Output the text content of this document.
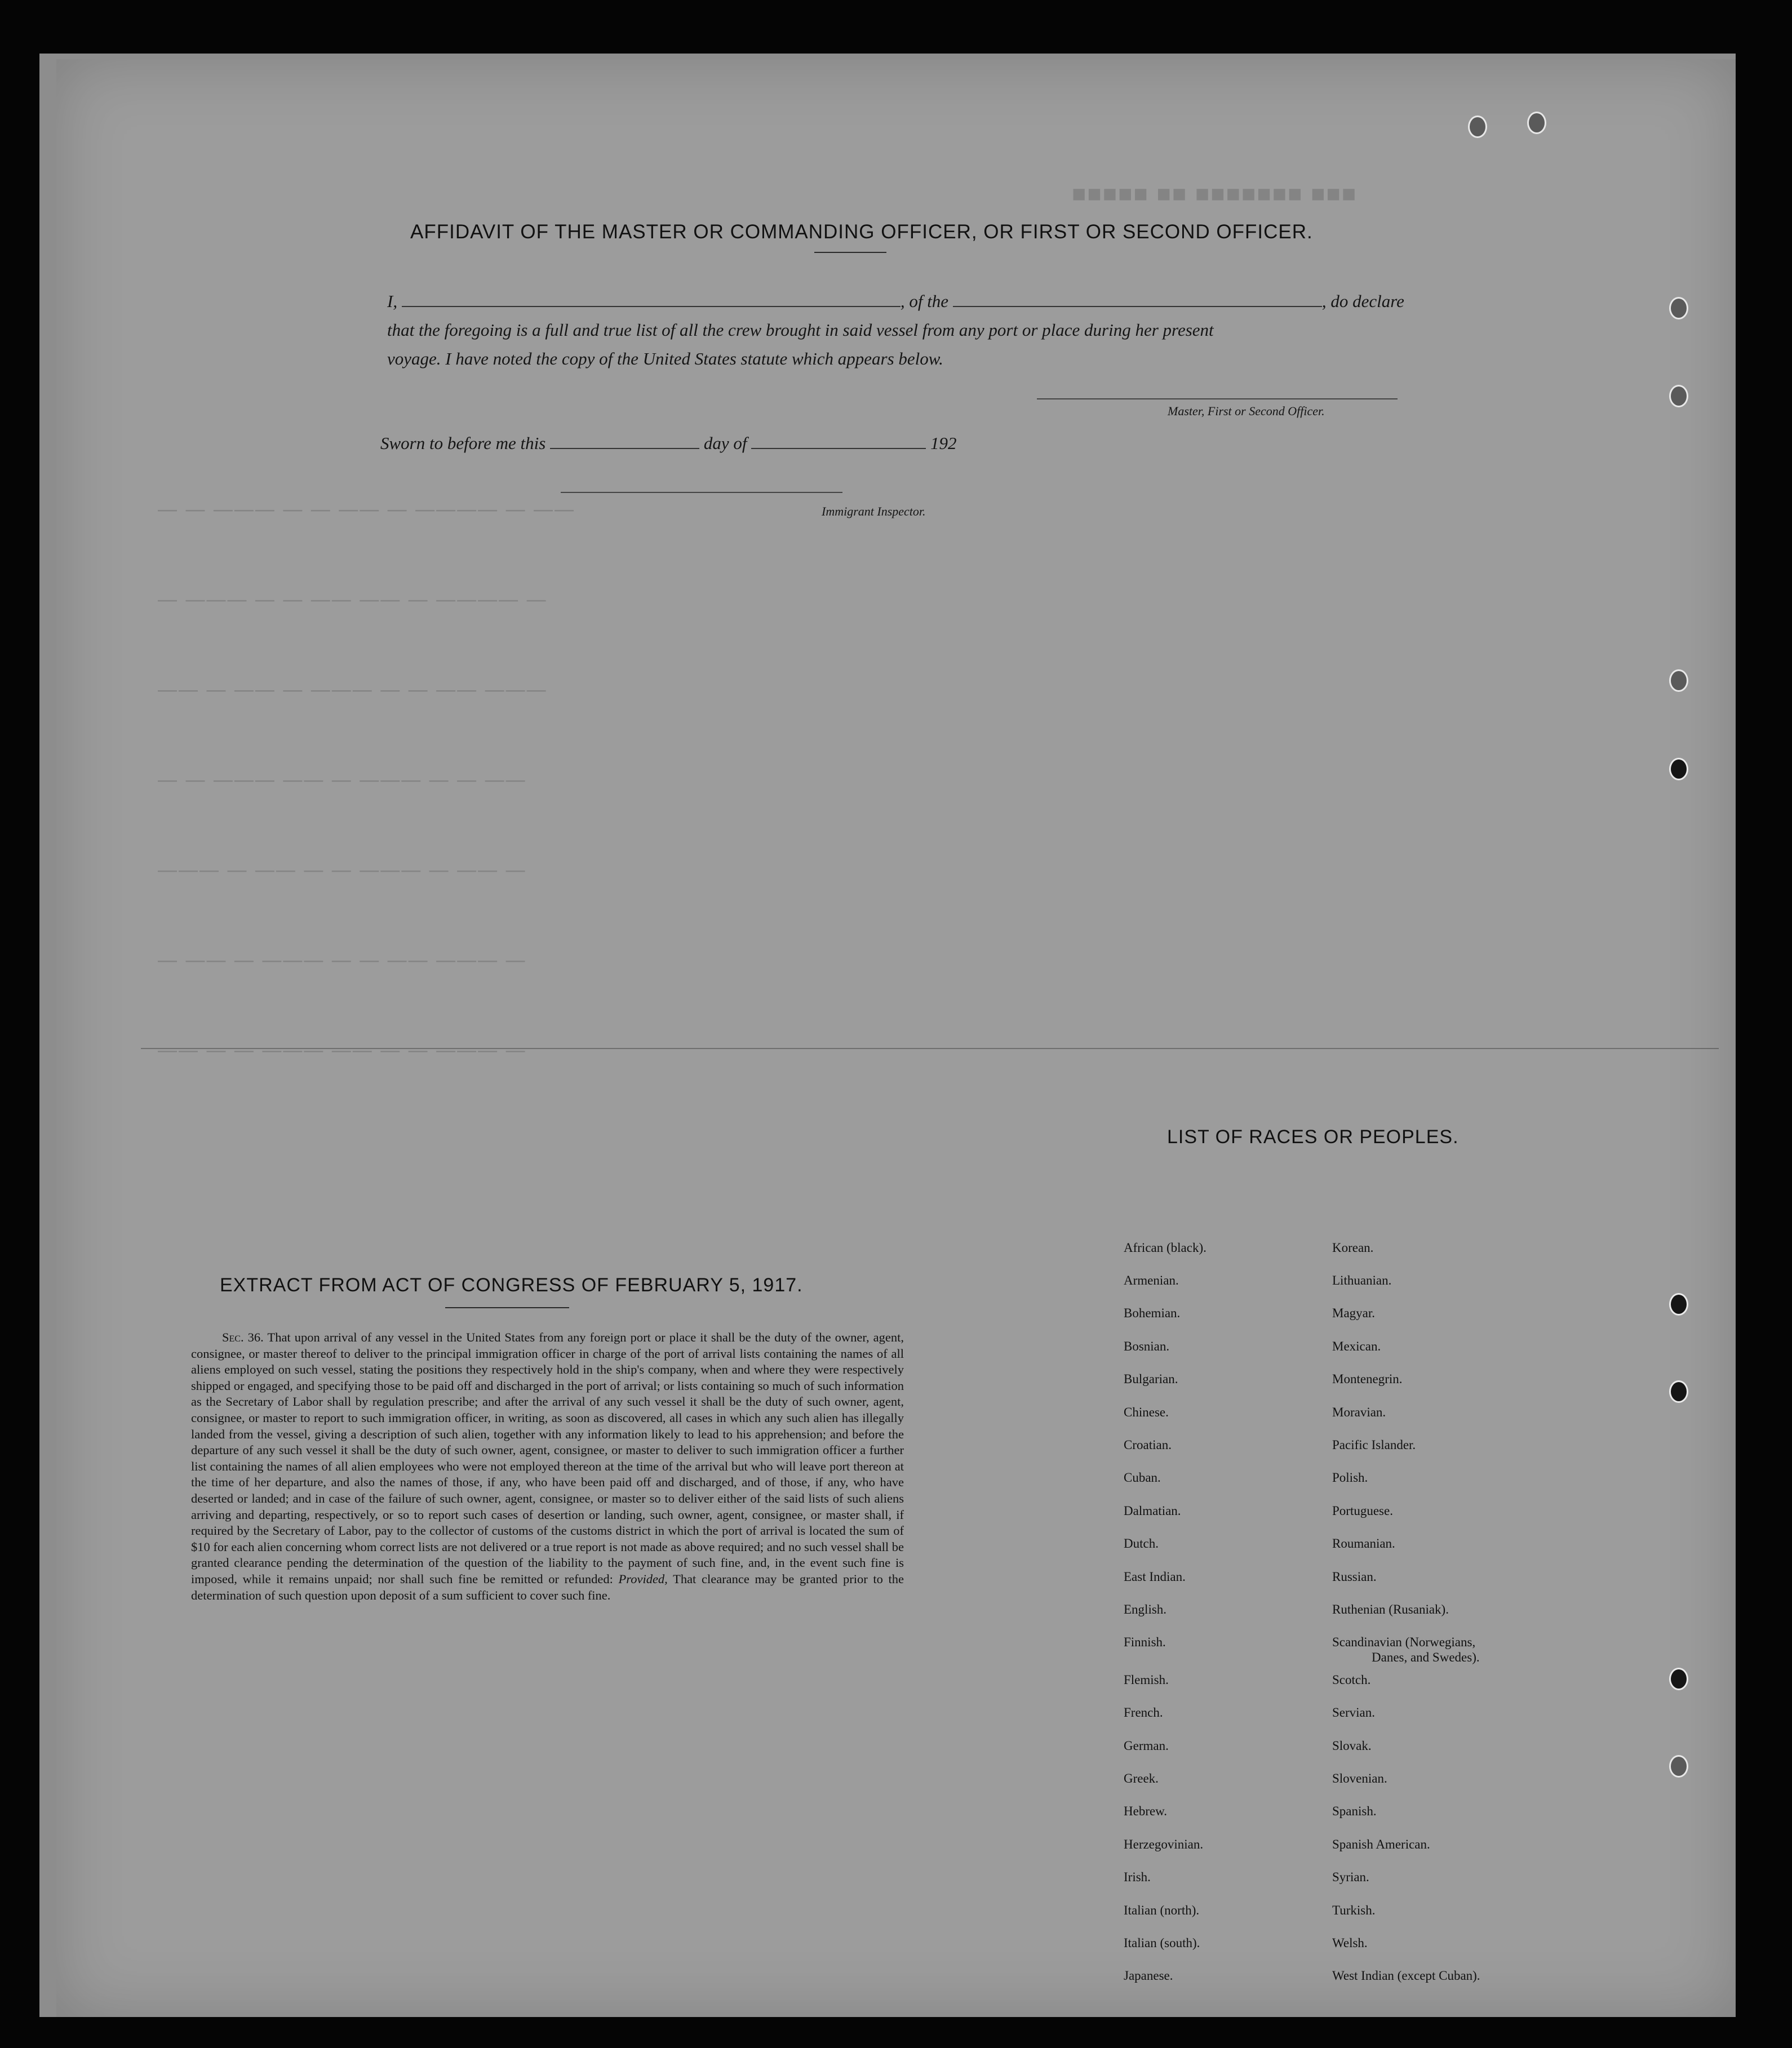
■■■ ■■■■■■■ ■■ ■■■■■
— — ——— — — —— — ———— — ——
— ——— — — —— —— — ———— —
—— — —— — ——— — — —— ———
— — ——— —— — ——— — — ——
——— — —— — — ——— — —— —
— —— — ——— — — —— ——— —
—— — — ——— —— — — ——— —
AFFIDAVIT OF THE MASTER OR COMMANDING OFFICER, OR FIRST OR SECOND OFFICER.
I,	, of the	, do declare
that the foregoing is a full and true list of all the crew brought in said vessel from any port or place during her present
voyage. I have noted the copy of the United States statute which appears below.
Master, First or Second Officer.
Sworn to before me this	day of	192
Immigrant Inspector.
EXTRACT FROM ACT OF CONGRESS OF FEBRUARY 5, 1917.
Sec. 36. That upon arrival of any vessel in the United States from any foreign port or place it shall be the duty of the owner, agent, consignee, or master thereof to deliver to the principal immigration officer in charge of the port of arrival lists containing the names of all aliens employed on such vessel, stating the positions they respectively hold in the ship's company, when and where they were respectively shipped or engaged, and specifying those to be paid off and discharged in the port of arrival; or lists containing so much of such information as the Secretary of Labor shall by regulation prescribe; and after the arrival of any such vessel it shall be the duty of such owner, agent, consignee, or master to report to such immigration officer, in writing, as soon as discovered, all cases in which any such alien has illegally landed from the vessel, giving a description of such alien, together with any information likely to lead to his apprehension; and before the departure of any such vessel it shall be the duty of such owner, agent, consignee, or master to deliver to such immigration officer a further list containing the names of all alien employees who were not employed thereon at the time of the arrival but who will leave port thereon at the time of her departure, and also the names of those, if any, who have been paid off and discharged, and of those, if any, who have deserted or landed; and in case of the failure of such owner, agent, consignee, or master so to deliver either of the said lists of such aliens arriving and departing, respectively, or so to report such cases of desertion or landing, such owner, agent, consignee, or master shall, if required by the Secretary of Labor, pay to the collector of customs of the customs district in which the port of arrival is located the sum of $10 for each alien concerning whom correct lists are not delivered or a true report is not made as above required; and no such vessel shall be granted clearance pending the determination of the question of the liability to the payment of such fine, and, in the event such fine is imposed, while it remains unpaid; nor shall such fine be remitted or refunded: Provided, That clearance may be granted prior to the determination of such question upon deposit of a sum sufficient to cover such fine.
LIST OF RACES OR PEOPLES.
African (black).
Armenian.
Bohemian.
Bosnian.
Bulgarian.
Chinese.
Croatian.
Cuban.
Dalmatian.
Dutch.
East Indian.
English.
Finnish.
Flemish.
French.
German.
Greek.
Hebrew.
Herzegovinian.
Irish.
Italian (north).
Italian (south).
Japanese.
Korean.
Lithuanian.
Magyar.
Mexican.
Montenegrin.
Moravian.
Pacific Islander.
Polish.
Portuguese.
Roumanian.
Russian.
Ruthenian (Rusaniak).
Scandinavian (Norwegians,
Danes, and Swedes).
Scotch.
Servian.
Slovak.
Slovenian.
Spanish.
Spanish American.
Syrian.
Turkish.
Welsh.
West Indian (except Cuban).
